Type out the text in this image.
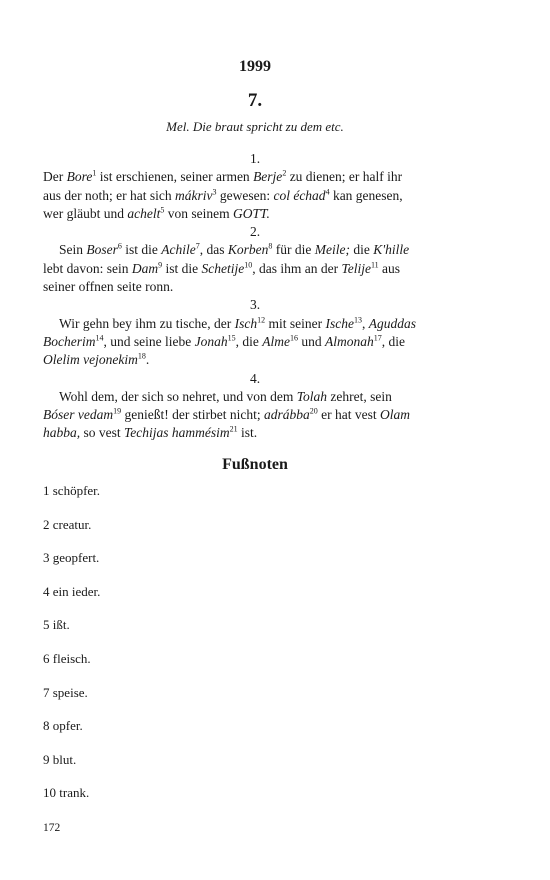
1999
7.
Mel. Die braut spricht zu dem etc.
1.
Der Bore$^1$ ist erschienen, seiner armen Berje$^2$ zu dienen; er half ihr
aus der noth; er hat sich mákriv$^3$ gewesen: col échad$^4$ kan genesen,
wer gläubt und achelt$^5$ von seinem GOTT.
2.
Sein Boser$^6$ ist die Achile$^7$, das Korben$^8$ für die Meile; die K'hille
lebt davon: sein Dam$^9$ ist die Schetije$^{10}$, das ihm an der Telije$^{11}$ aus
seiner offnen seite ronn.
3.
Wir gehn bey ihm zu tische, der Isch$^{12}$ mit seiner Ische$^{13}$, Aguddas
Bocherim$^{14}$, und seine liebe Jonah$^{15}$, die Alme$^{16}$ und Almonah$^{17}$, die
Olelim vejonekim$^{18}$.
4.
Wohl dem, der sich so nehret, und von dem Tolah zehret, sein
Bóser vedam$^{19}$ genießt! der stirbet nicht; adrábba$^{20}$ er hat vest Olam
habba, so vest Techijas hammésim$^{21}$ ist.
Fußnoten
1 schöpfer.
2 creatur.
3 geopfert.
4 ein ieder.
5 ißt.
6 fleisch.
7 speise.
8 opfer.
9 blut.
10 trank.
172
